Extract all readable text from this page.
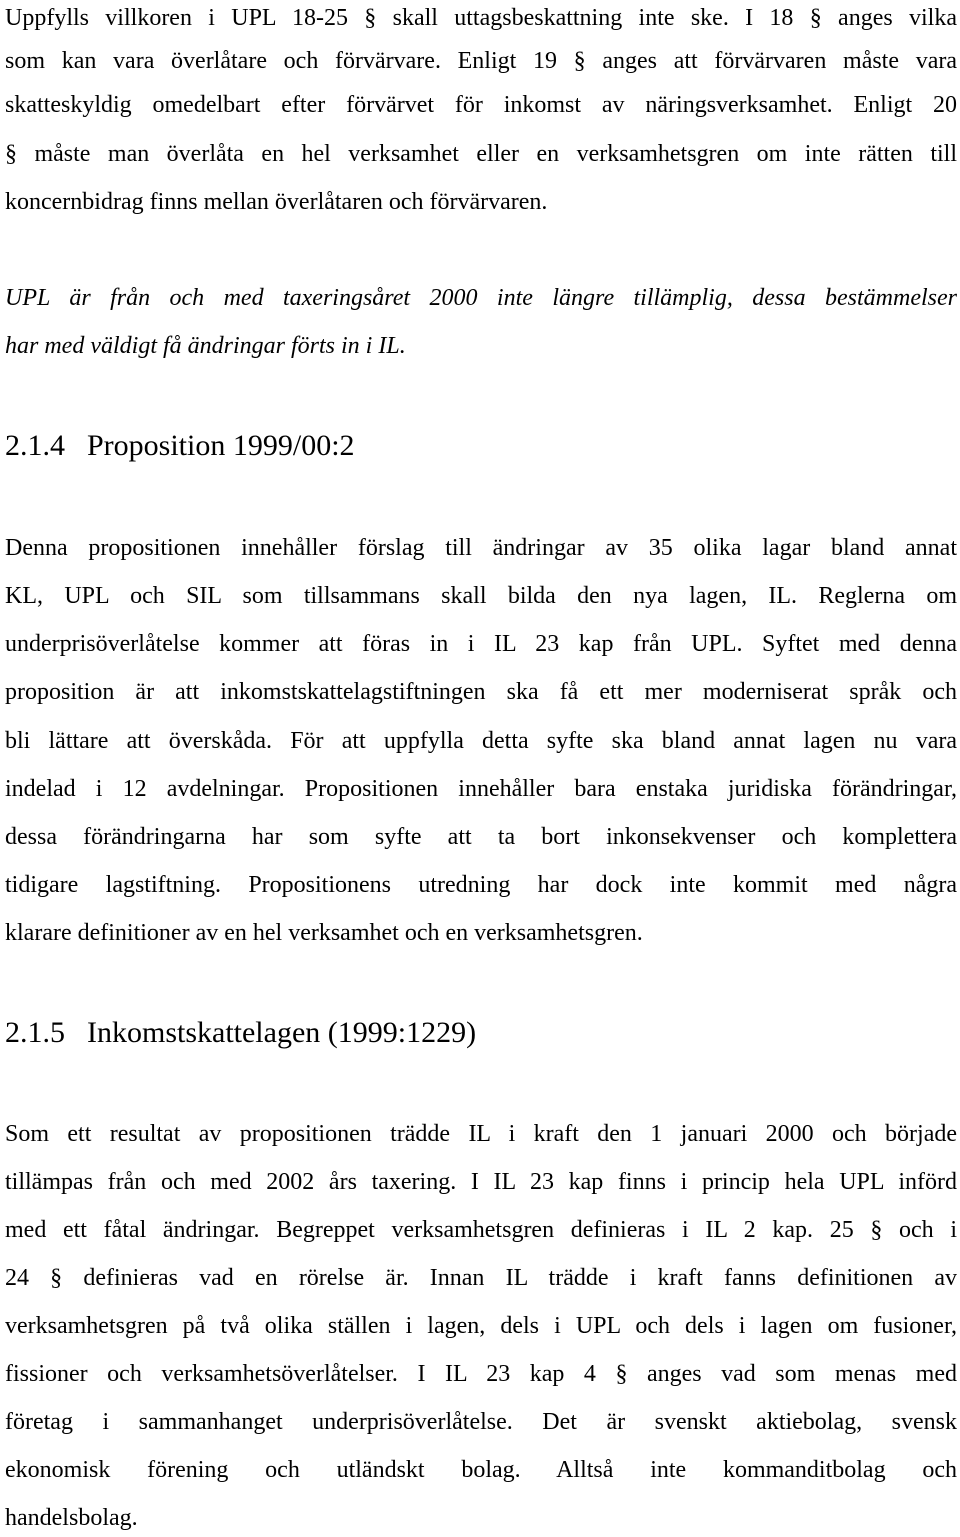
Uppfylls villkoren i UPL 18-25 § skall uttagsbeskattning inte ske. I 18 § anges vilka
som kan vara överlåtare och förvärvare. Enligt 19 § anges att förvärvaren måste vara
skatteskyldig omedelbart efter förvärvet för inkomst av näringsverksamhet. Enligt 20
§ måste man överlåta en hel verksamhet eller en verksamhetsgren om inte rätten till
koncernbidrag finns mellan överlåtaren och förvärvaren.
UPL är från och med taxeringsåret 2000 inte längre tillämplig, dessa bestämmelser
har med väldigt få ändringar förts in i IL.
2.1.4 Proposition 1999/00:2
Denna propositionen innehåller förslag till ändringar av 35 olika lagar bland annat
KL, UPL och SIL som tillsammans skall bilda den nya lagen, IL. Reglerna om
underprisöverlåtelse kommer att föras in i IL 23 kap från UPL. Syftet med denna
proposition är att inkomstskattelagstiftningen ska få ett mer moderniserat språk och
bli lättare att överskåda. För att uppfylla detta syfte ska bland annat lagen nu vara
indelad i 12 avdelningar. Propositionen innehåller bara enstaka juridiska förändringar,
dessa förändringarna har som syfte att ta bort inkonsekvenser och komplettera
tidigare lagstiftning. Propositionens utredning har dock inte kommit med några
klarare definitioner av en hel verksamhet och en verksamhetsgren.
2.1.5 Inkomstskattelagen (1999:1229)
Som ett resultat av propositionen trädde IL i kraft den 1 januari 2000 och började
tillämpas från och med 2002 års taxering. I IL 23 kap finns i princip hela UPL införd
med ett fåtal ändringar. Begreppet verksamhetsgren definieras i IL 2 kap. 25 § och i
24 § definieras vad en rörelse är. Innan IL trädde i kraft fanns definitionen av
verksamhetsgren på två olika ställen i lagen, dels i UPL och dels i lagen om fusioner,
fissioner och verksamhetsöverlåtelser. I IL 23 kap 4 § anges vad som menas med
företag i sammanhanget underprisöverlåtelse. Det är svenskt aktiebolag, svensk
ekonomisk förening och utländskt bolag. Alltså inte kommanditbolag och
handelsbolag.
